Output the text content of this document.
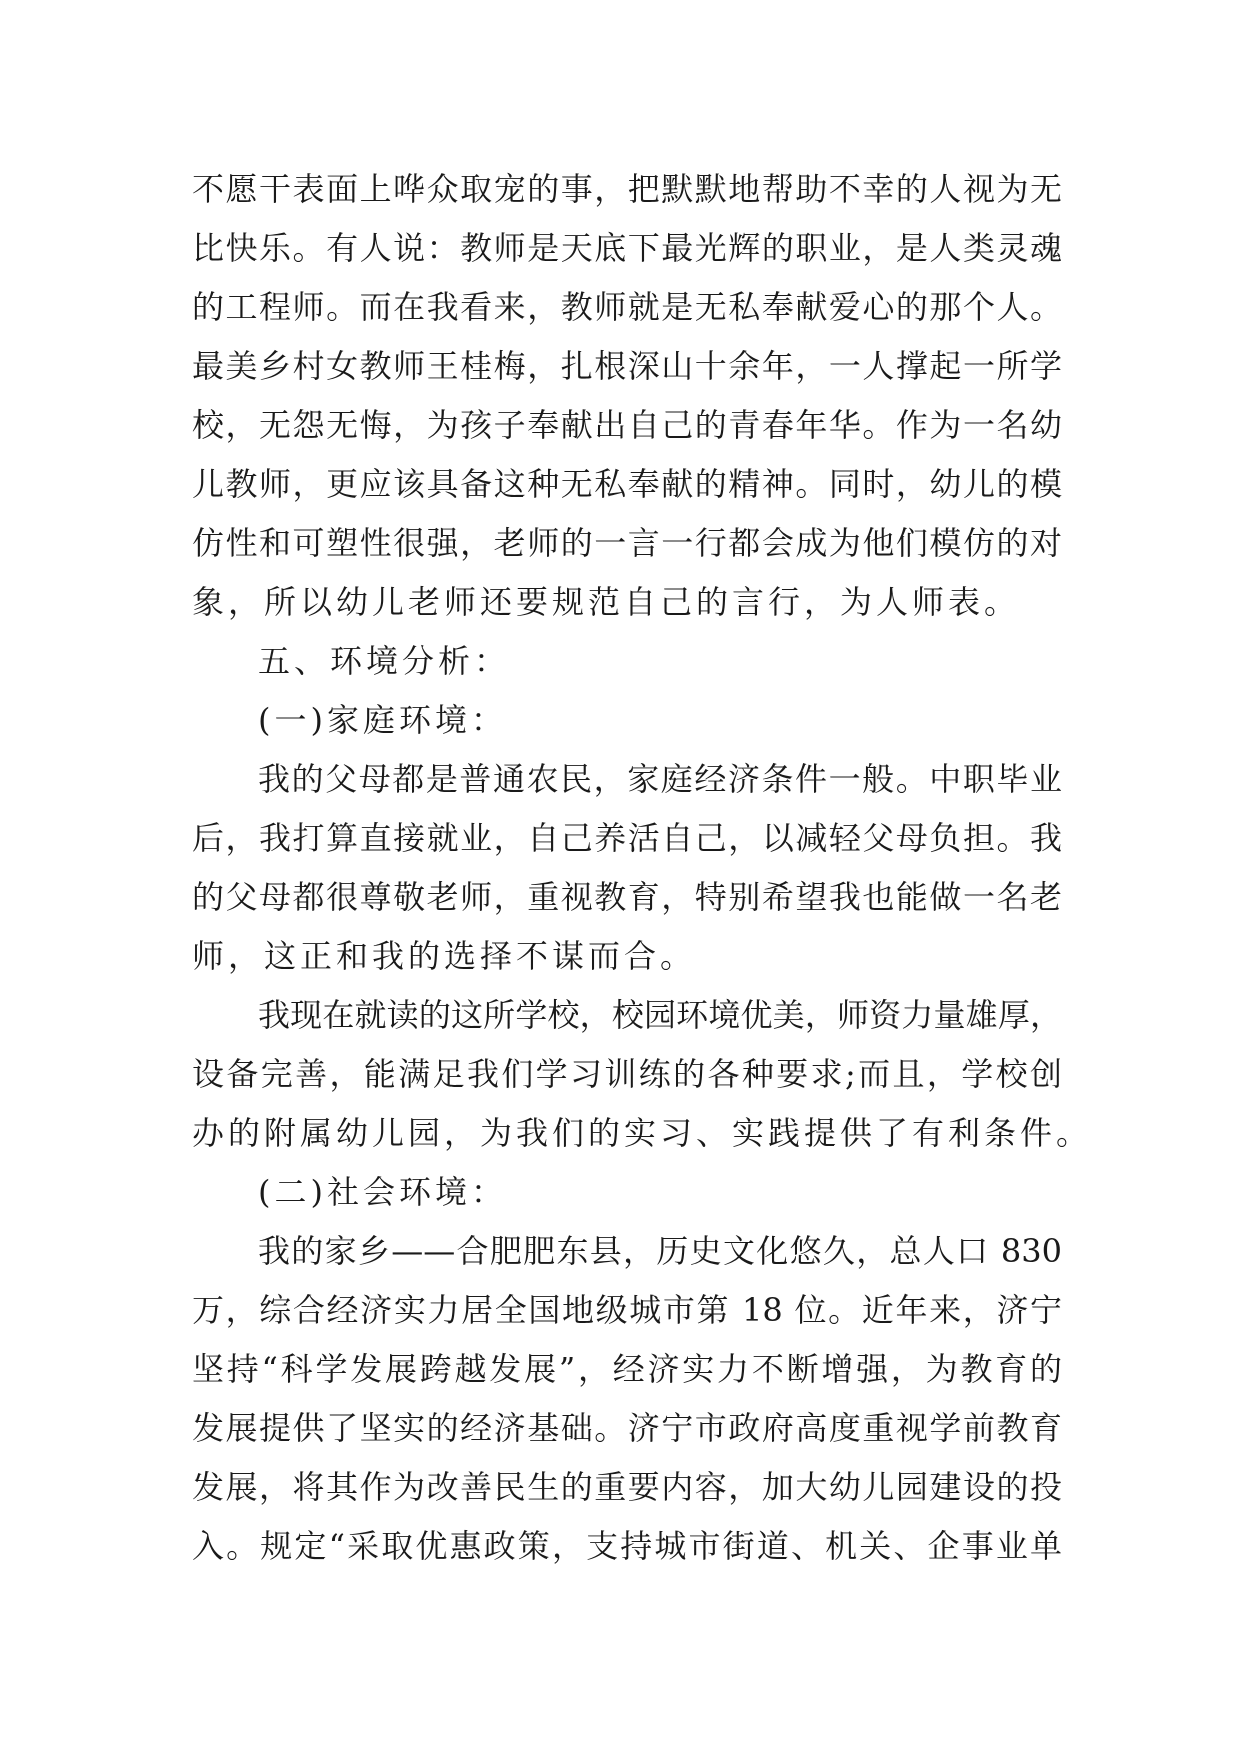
不愿干表面上哗众取宠的事，把默默地帮助不幸的人视为无
比快乐。有人说：教师是天底下最光辉的职业，是人类灵魂
的工程师。而在我看来，教师就是无私奉献爱心的那个人。
最美乡村女教师王桂梅，扎根深山十余年，一人撑起一所学
校，无怨无悔，为孩子奉献出自己的青春年华。作为一名幼
儿教师，更应该具备这种无私奉献的精神。同时，幼儿的模
仿性和可塑性很强，老师的一言一行都会成为他们模仿的对
象，所以幼儿老师还要规范自己的言行，为人师表。
五、环境分析：
(一)家庭环境：
我的父母都是普通农民，家庭经济条件一般。中职毕业
后，我打算直接就业，自己养活自己，以减轻父母负担。我
的父母都很尊敬老师，重视教育，特别希望我也能做一名老
师，这正和我的选择不谋而合。
我现在就读的这所学校，校园环境优美，师资力量雄厚，
设备完善，能满足我们学习训练的各种要求;而且，学校创
办的附属幼儿园，为我们的实习、实践提供了有利条件。
(二)社会环境：
我的家乡——合肥肥东县，历史文化悠久，总人口 830
万，综合经济实力居全国地级城市第 18 位。近年来，济宁
坚持“科学发展跨越发展”，经济实力不断增强，为教育的
发展提供了坚实的经济基础。济宁市政府高度重视学前教育
发展，将其作为改善民生的重要内容，加大幼儿园建设的投
入。规定“采取优惠政策，支持城市街道、机关、企事业单
